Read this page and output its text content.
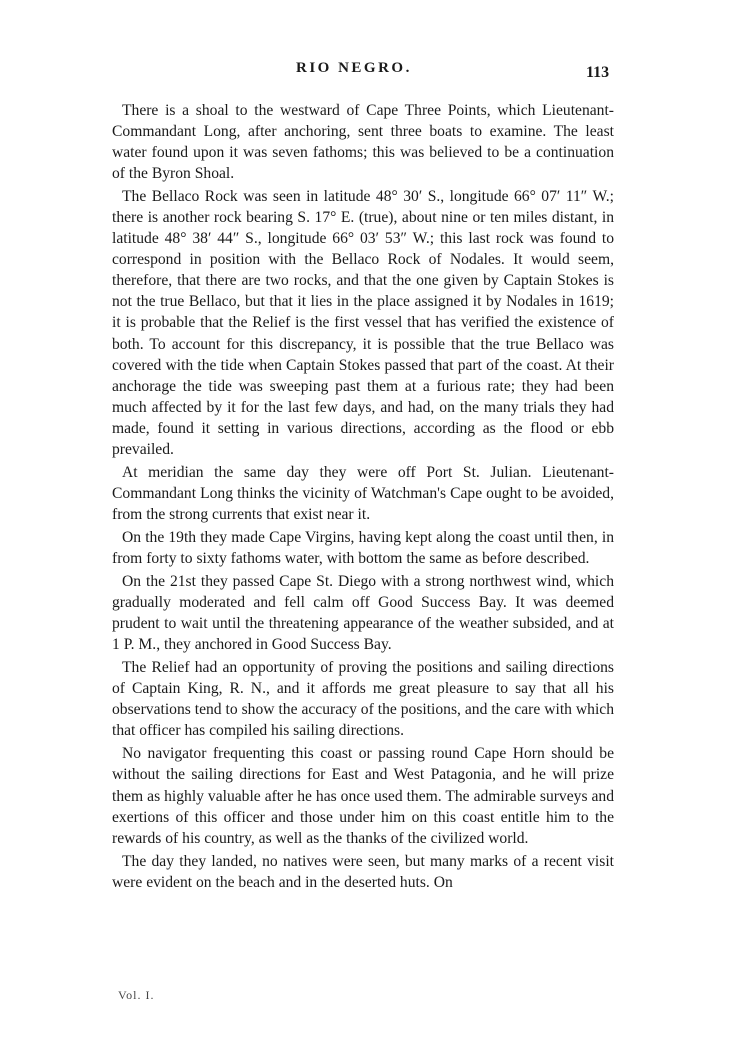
RIO NEGRO.	113

There is a shoal to the westward of Cape Three Points, which Lieutenant-Commandant Long, after anchoring, sent three boats to examine. The least water found upon it was seven fathoms; this was believed to be a continuation of the Byron Shoal.

The Bellaco Rock was seen in latitude 48° 30′ S., longitude 66° 07′ 11″ W.; there is another rock bearing S. 17° E. (true), about nine or ten miles distant, in latitude 48° 38′ 44″ S., longitude 66° 03′ 53″ W.; this last rock was found to correspond in position with the Bellaco Rock of Nodales. It would seem, therefore, that there are two rocks, and that the one given by Captain Stokes is not the true Bellaco, but that it lies in the place assigned it by Nodales in 1619; it is probable that the Relief is the first vessel that has verified the existence of both. To account for this discrepancy, it is possible that the true Bellaco was covered with the tide when Captain Stokes passed that part of the coast. At their anchorage the tide was sweeping past them at a furious rate; they had been much affected by it for the last few days, and had, on the many trials they had made, found it setting in various directions, according as the flood or ebb prevailed.

At meridian the same day they were off Port St. Julian. Lieutenant-Commandant Long thinks the vicinity of Watchman's Cape ought to be avoided, from the strong currents that exist near it.

On the 19th they made Cape Virgins, having kept along the coast until then, in from forty to sixty fathoms water, with bottom the same as before described.

On the 21st they passed Cape St. Diego with a strong northwest wind, which gradually moderated and fell calm off Good Success Bay. It was deemed prudent to wait until the threatening appearance of the weather subsided, and at 1 P. M., they anchored in Good Success Bay.

The Relief had an opportunity of proving the positions and sailing directions of Captain King, R. N., and it affords me great pleasure to say that all his observations tend to show the accuracy of the positions, and the care with which that officer has compiled his sailing directions.

No navigator frequenting this coast or passing round Cape Horn should be without the sailing directions for East and West Patagonia, and he will prize them as highly valuable after he has once used them. The admirable surveys and exertions of this officer and those under him on this coast entitle him to the rewards of his country, as well as the thanks of the civilized world.

The day they landed, no natives were seen, but many marks of a recent visit were evident on the beach and in the deserted huts. On

Vol. I.
